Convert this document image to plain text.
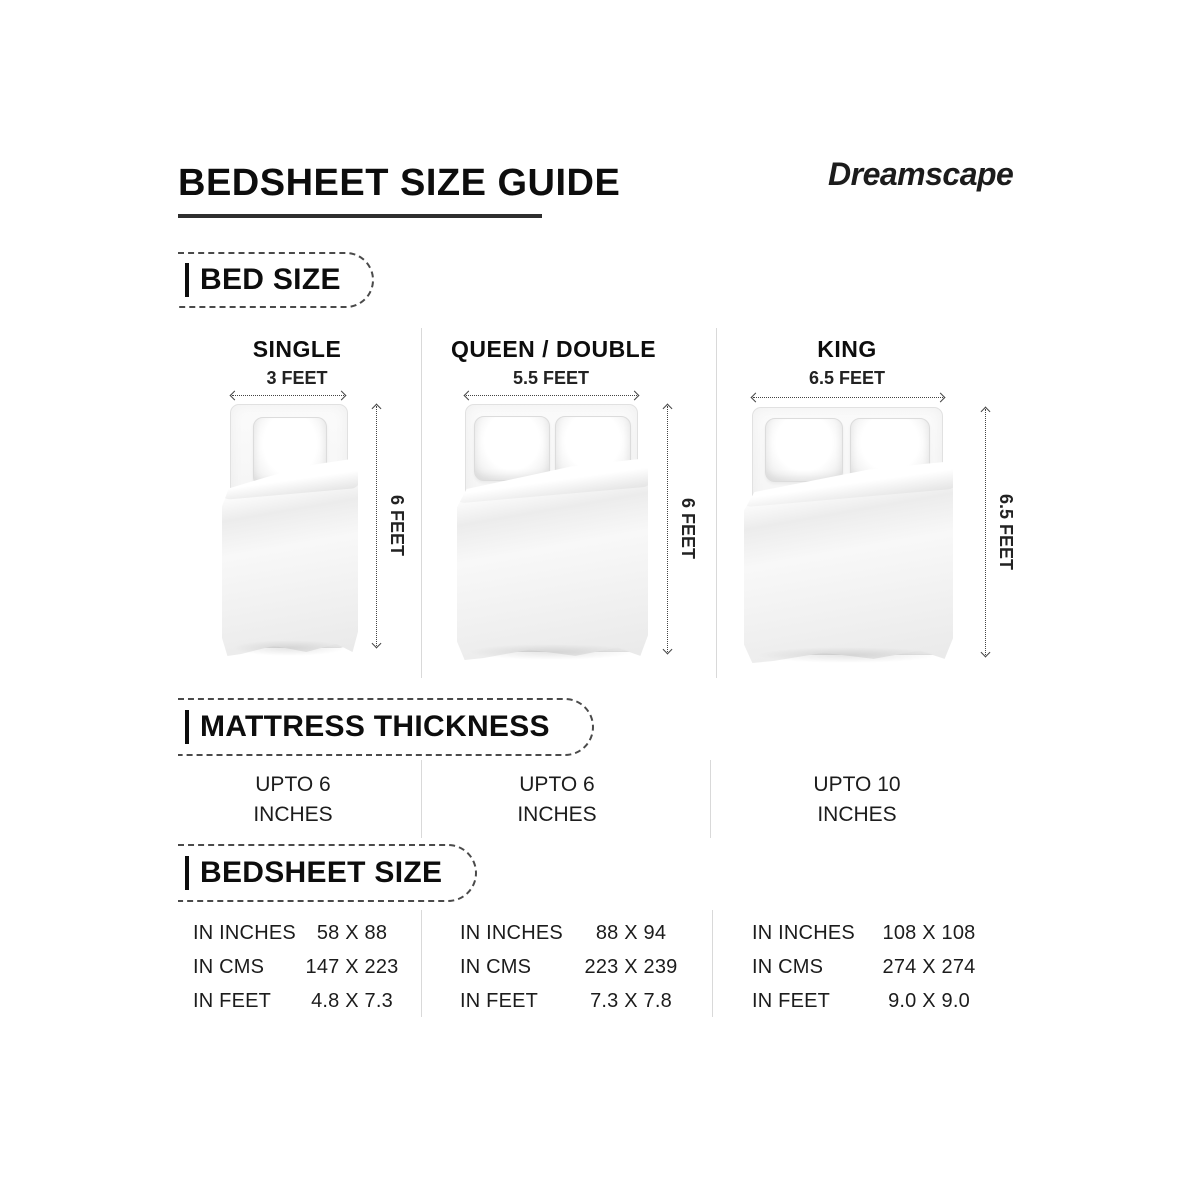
BEDSHEET SIZE GUIDE	Dreamscape
BED SIZE
SINGLE
3 FEET
6 FEET
QUEEN / DOUBLE
5.5 FEET
6 FEET
KING
6.5 FEET
6.5 FEET
MATTRESS THICKNESS
UPTO 6
INCHES
UPTO 6
INCHES
UPTO 10
INCHES
BEDSHEET SIZE
IN INCHES	58 X 88
IN CMS	147 X 223
IN FEET	4.8 X 7.3
IN INCHES	88 X 94
IN CMS	223 X 239
IN FEET	7.3 X 7.8
IN INCHES	108 X 108
IN CMS	274 X 274
IN FEET	9.0 X 9.0
